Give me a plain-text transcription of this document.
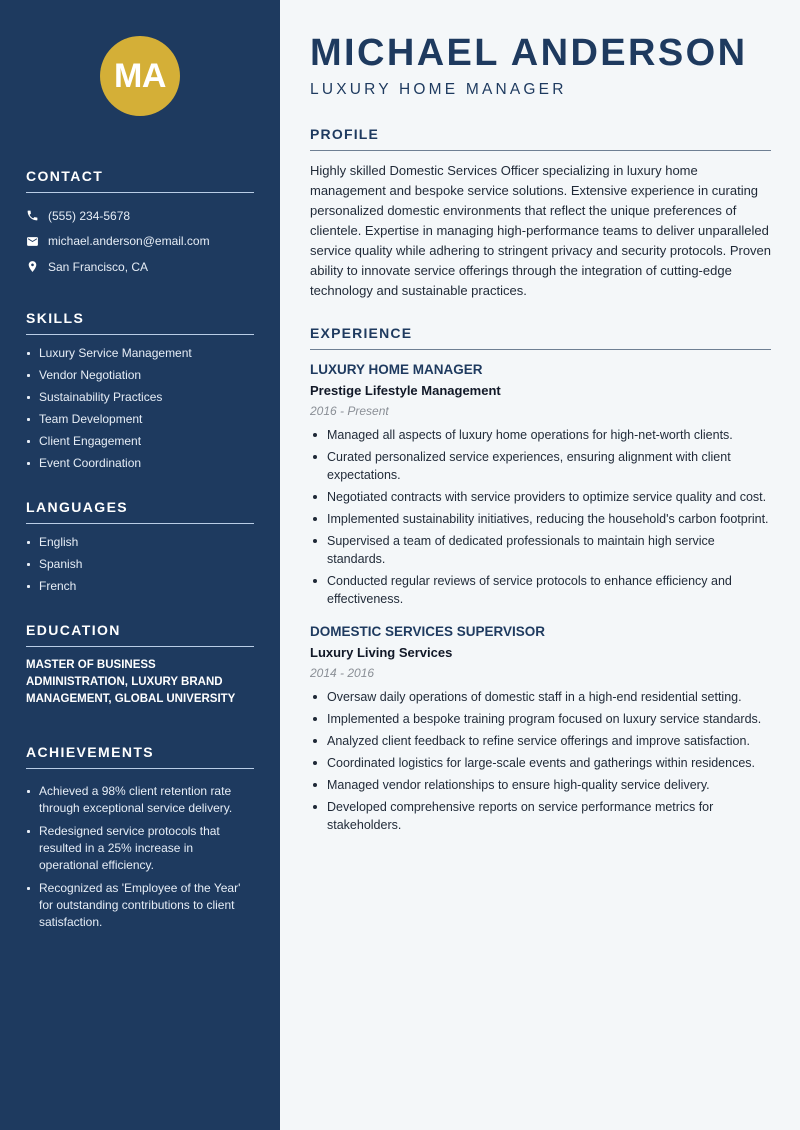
MA
CONTACT
(555) 234-5678
michael.anderson@email.com
San Francisco, CA
SKILLS
Luxury Service Management
Vendor Negotiation
Sustainability Practices
Team Development
Client Engagement
Event Coordination
LANGUAGES
English
Spanish
French
EDUCATION

MASTER OF BUSINESS ADMINISTRATION, LUXURY BRAND MANAGEMENT, GLOBAL UNIVERSITY

ACHIEVEMENTS
Achieved a 98% client retention rate through exceptional service delivery.
Redesigned service protocols that resulted in a 25% increase in operational efficiency.
Recognized as 'Employee of the Year' for outstanding contributions to client satisfaction.
MICHAEL ANDERSON
LUXURY HOME MANAGER
PROFILE

Highly skilled Domestic Services Officer specializing in luxury home management and bespoke service solutions. Extensive experience in curating personalized domestic environments that reflect the unique preferences of clientele. Expertise in managing high-performance teams to deliver unparalleled service quality while adhering to stringent privacy and security protocols. Proven ability to innovate service offerings through the integration of cutting-edge technology and sustainable practices.

EXPERIENCE
LUXURY HOME MANAGER
Prestige Lifestyle Management
2016 - Present
Managed all aspects of luxury home operations for high-net-worth clients.
Curated personalized service experiences, ensuring alignment with client expectations.
Negotiated contracts with service providers to optimize service quality and cost.
Implemented sustainability initiatives, reducing the household's carbon footprint.
Supervised a team of dedicated professionals to maintain high service standards.
Conducted regular reviews of service protocols to enhance efficiency and effectiveness.
DOMESTIC SERVICES SUPERVISOR
Luxury Living Services
2014 - 2016
Oversaw daily operations of domestic staff in a high-end residential setting.
Implemented a bespoke training program focused on luxury service standards.
Analyzed client feedback to refine service offerings and improve satisfaction.
Coordinated logistics for large-scale events and gatherings within residences.
Managed vendor relationships to ensure high-quality service delivery.
Developed comprehensive reports on service performance metrics for stakeholders.
